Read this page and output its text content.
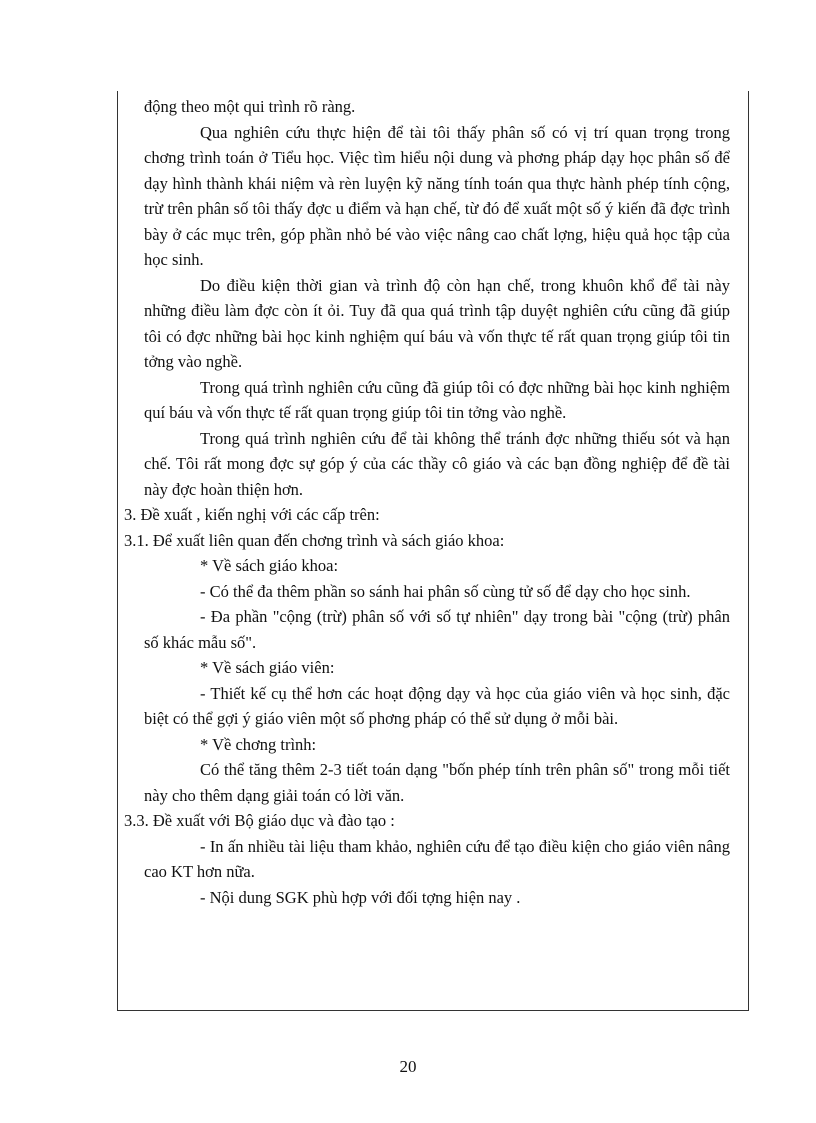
động theo một qui trình rõ ràng.

Qua nghiên cứu thực hiện để tài tôi thấy phân số có vị trí quan trọng trong chơng trình toán ở Tiểu học. Việc tìm hiểu nội dung và phơng pháp dạy học phân số để dạy hình thành khái niệm và rèn luyện kỹ năng tính toán qua thực hành phép tính cộng, trừ trên phân số tôi thấy đợc u điểm và hạn chế, từ đó để xuất một số ý kiến đã đợc trình bày ở các mục trên, góp phần nhỏ bé vào việc nâng cao chất lợng, hiệu quả học tập của học sinh.

Do điều kiện thời gian và trình độ còn hạn chế, trong khuôn khổ để tài này những điều làm đợc còn ít ỏi. Tuy đã qua quá trình tập duyệt nghiên cứu cũng đã giúp tôi có đợc những bài học kinh nghiệm quí báu và vốn thực tế rất quan trọng giúp tôi tin tởng vào nghề.

Trong quá trình nghiên cứu cũng đã giúp tôi có đợc những bài học kinh nghiệm quí báu và vốn thực tế rất quan trọng giúp tôi tin tởng vào nghề.

Trong quá trình nghiên cứu để tài không thể tránh đợc những thiếu sót và hạn chế. Tôi rất mong đợc sự góp ý của các thầy cô giáo và các bạn đồng nghiệp để đề tài này đợc hoàn thiện hơn.

3. Đề xuất , kiến nghị với các cấp trên:

3.1. Để xuất liên quan đến chơng trình và sách giáo khoa:

* Về sách giáo khoa:

- Có thể đa thêm phần so sánh hai phân số cùng tử số để dạy cho học sinh.

- Đa phần "cộng (trừ) phân số với số tự nhiên" dạy trong bài "cộng (trừ) phân số khác mẫu số".

* Về sách giáo viên:

- Thiết kế cụ thể hơn các hoạt động dạy và học của giáo viên và học sinh, đặc biệt có thể gợi ý giáo viên một số phơng pháp có thể sử dụng ở mỗi bài.

* Về chơng trình:

Có thể tăng thêm 2-3 tiết toán dạng "bốn phép tính trên phân số" trong mỗi tiết này cho thêm dạng giải toán có lời văn.

3.3. Đề xuất với Bộ giáo dục và đào tạo :

- In ấn nhiều tài liệu tham khảo, nghiên cứu để tạo điều kiện cho giáo viên nâng cao KT hơn nữa.

- Nội dung SGK phù hợp với đối tợng hiện nay .

20
